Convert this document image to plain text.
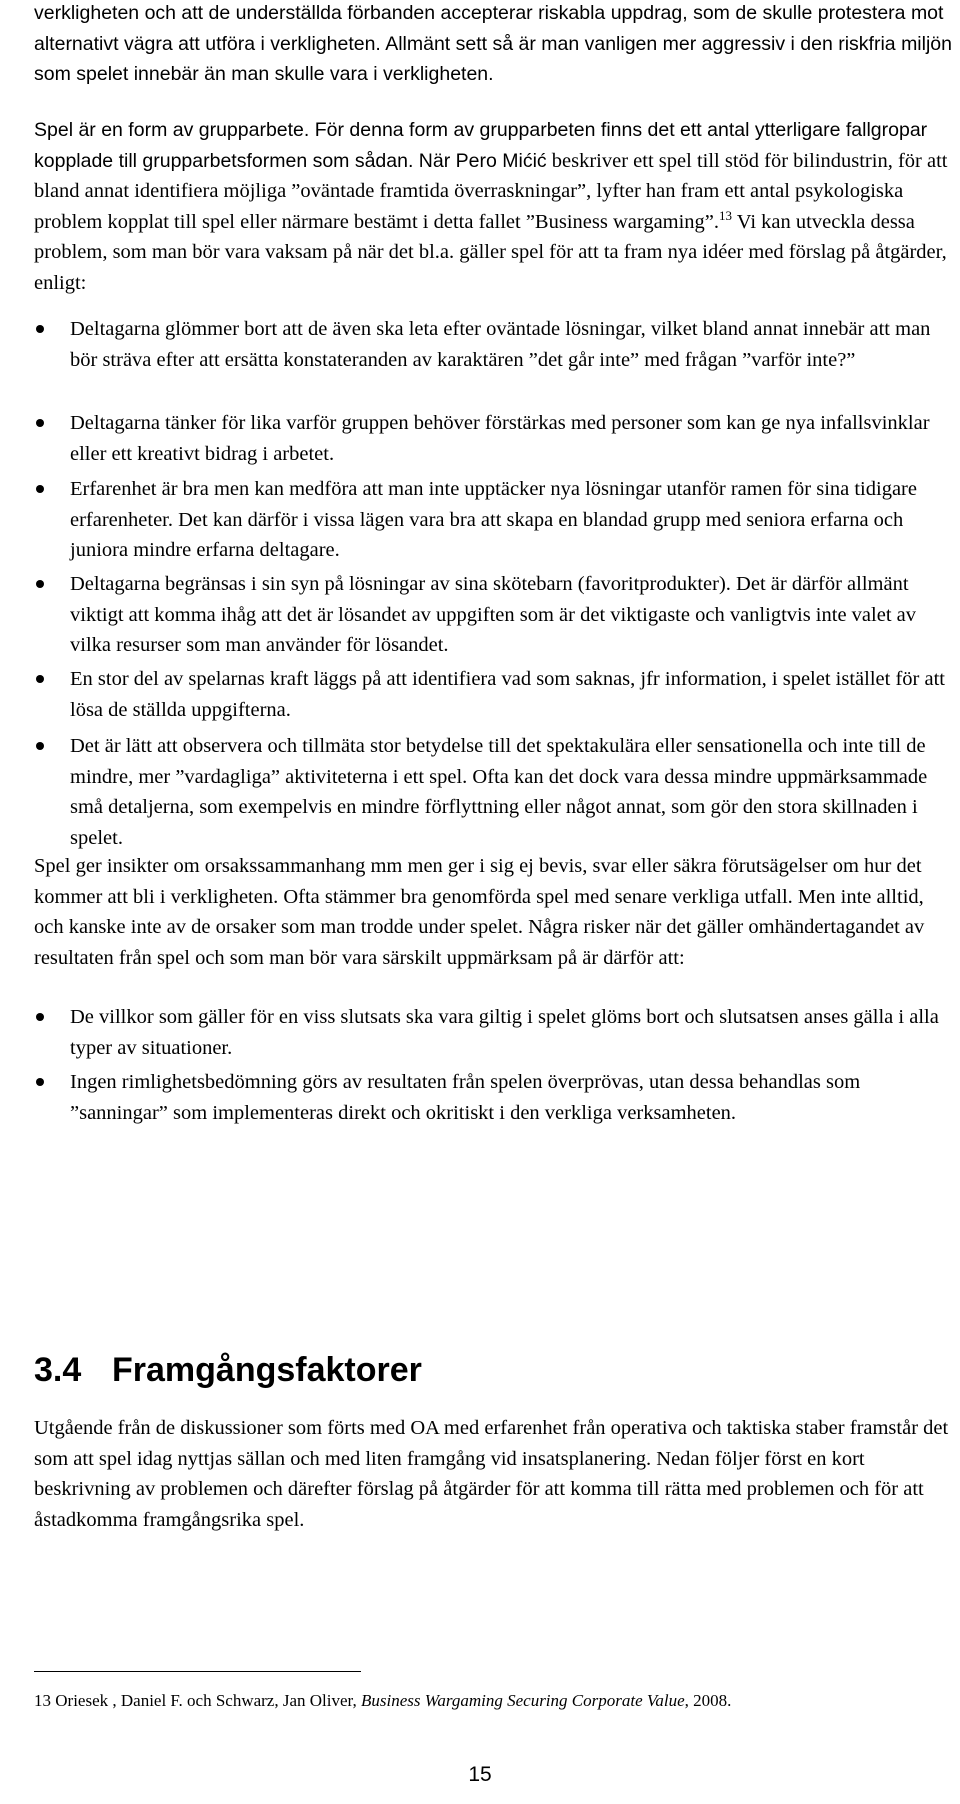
verkligheten och att de underställda förbanden accepterar riskabla uppdrag, som de skulle protestera mot alternativt vägra att utföra i verkligheten. Allmänt sett så är man vanligen mer aggressiv i den riskfria miljön som spelet innebär än man skulle vara i verkligheten.

Spel är en form av grupparbete. För denna form av grupparbeten finns det ett antal ytterligare fallgropar kopplade till grupparbetsformen som sådan. När Pero Mićić beskriver ett spel till stöd för bilindustrin, för att bland annat identifiera möjliga ”oväntade framtida överraskningar”, lyfter han fram ett antal psykologiska problem kopplat till spel eller närmare bestämt i detta fallet ”Business wargaming”.$^{13}$ Vi kan utveckla dessa problem, som man bör vara vaksam på när det bl.a. gäller spel för att ta fram nya idéer med förslag på åtgärder, enligt:

Deltagarna glömmer bort att de även ska leta efter oväntade lösningar, vilket bland annat innebär att man bör sträva efter att ersätta konstateranden av karaktären ”det går inte” med frågan ”varför inte?”

Deltagarna tänker för lika varför gruppen behöver förstärkas med personer som kan ge nya infallsvinklar eller ett kreativt bidrag i arbetet.

Erfarenhet är bra men kan medföra att man inte upptäcker nya lösningar utanför ramen för sina tidigare erfarenheter. Det kan därför i vissa lägen vara bra att skapa en blandad grupp med seniora erfarna och juniora mindre erfarna deltagare.

Deltagarna begränsas i sin syn på lösningar av sina skötebarn (favoritprodukter). Det är därför allmänt viktigt att komma ihåg att det är lösandet av uppgiften som är det viktigaste och vanligtvis inte valet av vilka resurser som man använder för lösandet.

En stor del av spelarnas kraft läggs på att identifiera vad som saknas, jfr information, i spelet istället för att lösa de ställda uppgifterna.

Det är lätt att observera och tillmäta stor betydelse till det spektakulära eller sensationella och inte till de mindre, mer ”vardagliga” aktiviteterna i ett spel. Ofta kan det dock vara dessa mindre uppmärksammade små detaljerna, som exempelvis en mindre förflyttning eller något annat, som gör den stora skillnaden i spelet.

Spel ger insikter om orsakssammanhang mm men ger i sig ej bevis, svar eller säkra förutsägelser om hur det kommer att bli i verkligheten. Ofta stämmer bra genomförda spel med senare verkliga utfall. Men inte alltid, och kanske inte av de orsaker som man trodde under spelet. Några risker när det gäller omhändertagandet av resultaten från spel och som man bör vara särskilt uppmärksam på är därför att:

De villkor som gäller för en viss slutsats ska vara giltig i spelet glöms bort och slutsatsen anses gälla i alla typer av situationer.

Ingen rimlighetsbedömning görs av resultaten från spelen överprövas, utan dessa behandlas som ”sanningar” som implementeras direkt och okritiskt i den verkliga verksamheten.

3.4 Framgångsfaktorer

Utgående från de diskussioner som förts med OA med erfarenhet från operativa och taktiska staber framstår det som att spel idag nyttjas sällan och med liten framgång vid insatsplanering. Nedan följer först en kort beskrivning av problemen och därefter förslag på åtgärder för att komma till rätta med problemen och för att åstadkomma framgångsrika spel.

13 Oriesek , Daniel F. och Schwarz, Jan Oliver, Business Wargaming Securing Corporate Value, 2008.

15
